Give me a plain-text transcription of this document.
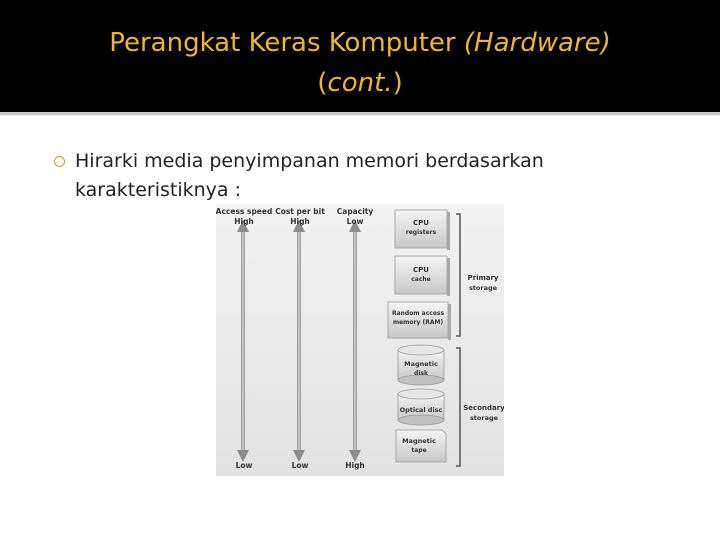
Perangkat Keras Komputer (Hardware)
(cont.)
Hirarki media penyimpanan memori berdasarkan karakteristiknya :
Access speed
High
Cost per bit
High
Capacity
Low
Low	Low	High
CPU
registers
CPU
cache
Random access
memory (RAM)
Magnetic
disk
Optical disc
Magnetic
tape
Primary
storage
Secondary
storage
